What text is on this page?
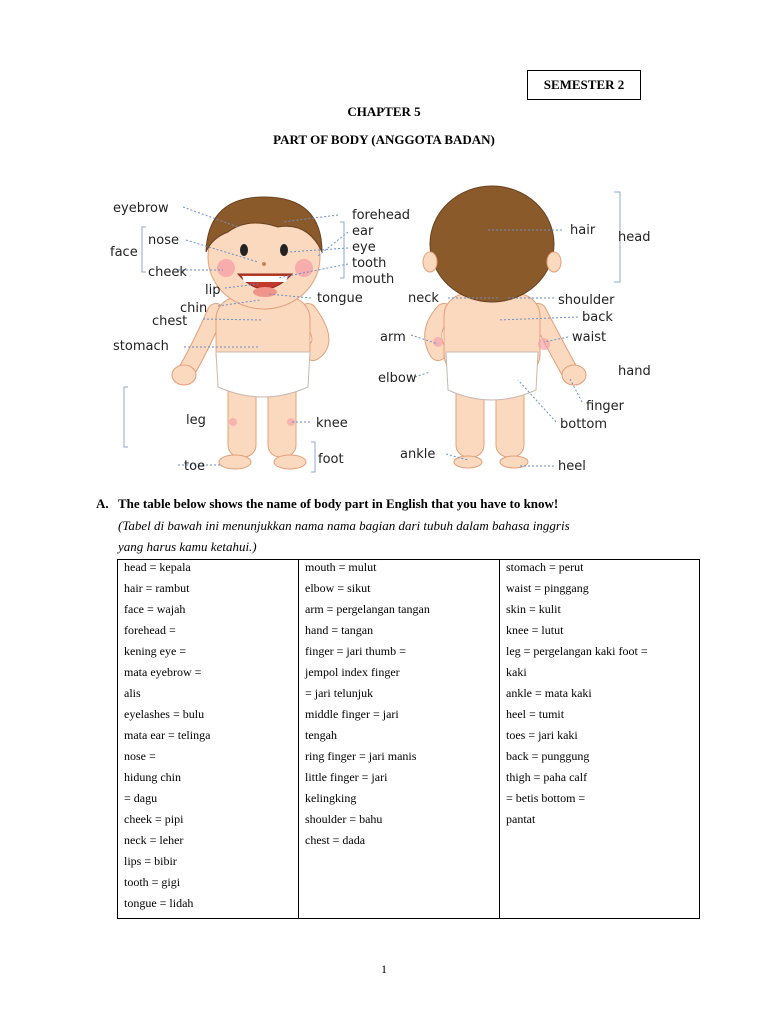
SEMESTER 2
CHAPTER 5
PART OF BODY (ANGGOTA BADAN)
eyebrow
nose
face
cheek
lip
chin
chest
stomach
leg
toe
forehead
ear
eye
tooth
mouth
tongue
knee
foot
hair head
neck	shoulder
back
waist
arm
elbow	hand
finger
bottom
ankle
heel
A. The table below shows the name of body part in English that you have to know!
(Tabel di bawah ini menunjukkan nama nama bagian dari tubuh dalam bahasa inggris
yang harus kamu ketahui.)
head = kepala
hair = rambut
face = wajah
forehead =
kening eye =
mata eyebrow =
alis
eyelashes = bulu
mata ear = telinga
nose =
hidung chin
= dagu
cheek = pipi
neck = leher
lips = bibir
tooth = gigi
tongue = lidah
mouth = mulut
elbow = sikut
arm = pergelangan tangan
hand = tangan
finger = jari thumb =
jempol index finger
= jari telunjuk
middle finger = jari
tengah
ring finger = jari manis
little finger = jari
kelingking
shoulder = bahu
chest = dada
stomach = perut
waist = pinggang
skin = kulit
knee = lutut
leg = pergelangan kaki foot =
kaki
ankle = mata kaki
heel = tumit
toes = jari kaki
back = punggung
thigh = paha calf
= betis bottom =
pantat
1
